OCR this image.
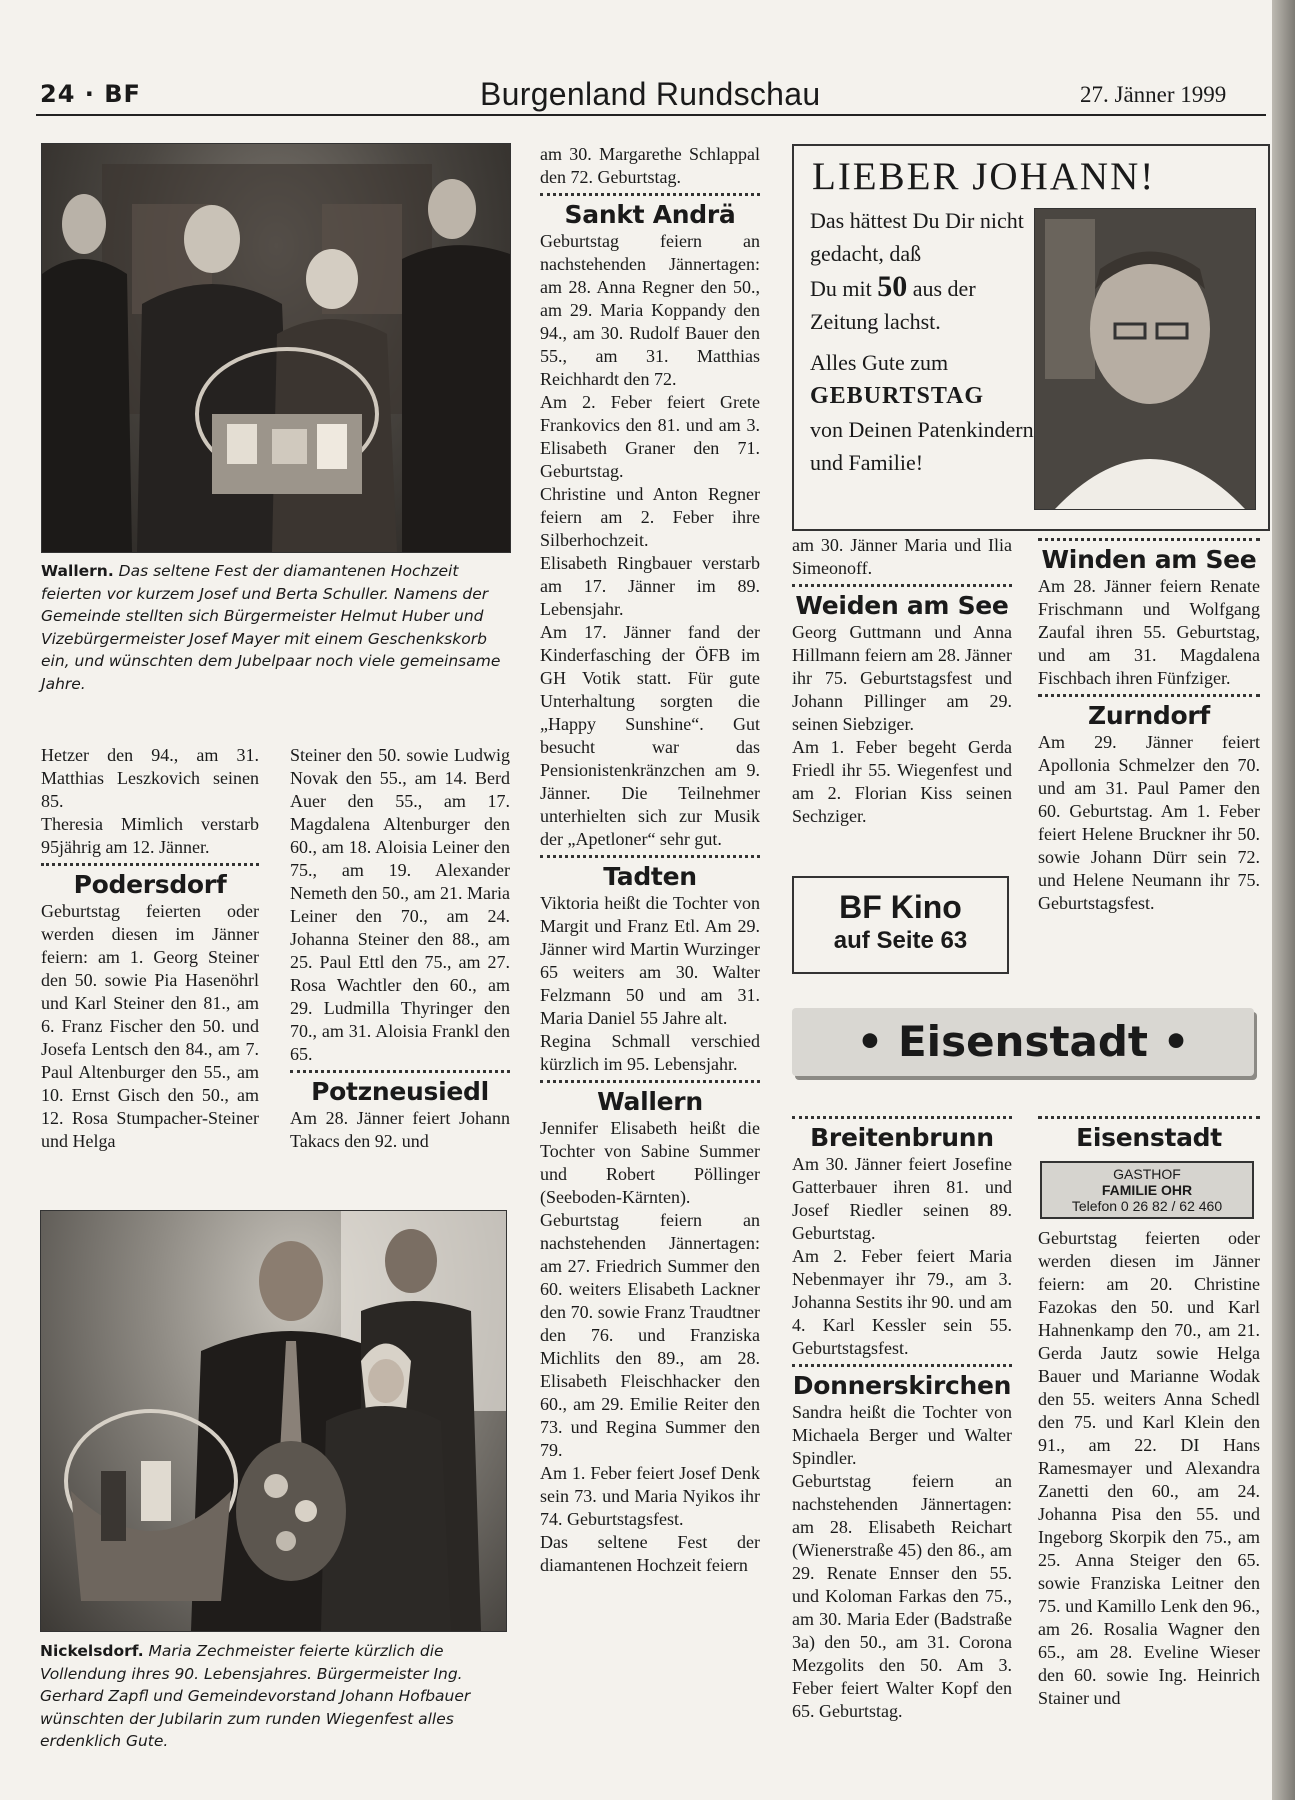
24 · BF	Burgenland Rundschau	27. Jänner 1999
Wallern. Das seltene Fest der diamantenen Hochzeit feierten vor kurzem Josef und Berta Schuller. Namens der Gemeinde stellten sich Bürgermeister Helmut Huber und Vizebürgermeister Josef Mayer mit einem Geschenkskorb ein, und wünschten dem Jubelpaar noch viele gemeinsame Jahre.

Hetzer den 94., am 31. Matthias Leszkovich seinen 85.

Theresia Mimlich verstarb 95jährig am 12. Jänner.

Podersdorf

Geburtstag feierten oder werden diesen im Jänner feiern: am 1. Georg Steiner den 50. sowie Pia Hasenöhrl und Karl Steiner den 81., am 6. Franz Fischer den 50. und Josefa Lentsch den 84., am 7. Paul Altenburger den 55., am 10. Ernst Gisch den 50., am 12. Rosa Stumpacher-Steiner und Helga

Steiner den 50. sowie Ludwig Novak den 55., am 14. Berd Auer den 55., am 17. Magdalena Altenburger den 60., am 18. Aloisia Leiner den 75., am 19. Alexander Nemeth den 50., am 21. Maria Leiner den 70., am 24. Johanna Steiner den 88., am 25. Paul Ettl den 75., am 27. Rosa Wachtler den 60., am 29. Ludmilla Thyringer den 70., am 31. Aloisia Frankl den 65.

Potzneusiedl

Am 28. Jänner feiert Johann Takacs den 92. und

Nickelsdorf. Maria Zechmeister feierte kürzlich die Vollendung ihres 90. Lebensjahres. Bürgermeister Ing. Gerhard Zapfl und Gemeindevorstand Johann Hofbauer wünschten der Jubilarin zum runden Wiegenfest alles erdenklich Gute.

am 30. Margarethe Schlappal den 72. Geburtstag.

Sankt Andrä

Geburtstag feiern an nachstehenden Jännertagen: am 28. Anna Regner den 50., am 29. Maria Koppandy den 94., am 30. Rudolf Bauer den 55., am 31. Matthias Reichhardt den 72.

Am 2. Feber feiert Grete Frankovics den 81. und am 3. Elisabeth Graner den 71. Geburtstag.

Christine und Anton Regner feiern am 2. Feber ihre Silberhochzeit.

Elisabeth Ringbauer verstarb am 17. Jänner im 89. Lebensjahr.

Am 17. Jänner fand der Kinderfasching der ÖFB im GH Votik statt. Für gute Unterhaltung sorgten die „Happy Sunshine“. Gut besucht war das Pensionistenkränzchen am 9. Jänner. Die Teilnehmer unterhielten sich zur Musik der „Apetloner“ sehr gut.

Tadten

Viktoria heißt die Tochter von Margit und Franz Etl. Am 29. Jänner wird Martin Wurzinger 65 weiters am 30. Walter Felzmann 50 und am 31. Maria Daniel 55 Jahre alt.

Regina Schmall verschied kürzlich im 95. Lebensjahr.

Wallern

Jennifer Elisabeth heißt die Tochter von Sabine Summer und Robert Pöllinger (Seeboden-Kärnten).

Geburtstag feiern an nachstehenden Jännertagen: am 27. Friedrich Summer den 60. weiters Elisabeth Lackner den 70. sowie Franz Traudtner den 76. und Franziska Michlits den 89., am 28. Elisabeth Fleischhacker den 60., am 29. Emilie Reiter den 73. und Regina Summer den 79.

Am 1. Feber feiert Josef Denk sein 73. und Maria Nyikos ihr 74. Geburtstagsfest.

Das seltene Fest der diamantenen Hochzeit feiern

LIEBER JOHANN!
Das hättest Du Dir nicht gedacht, daß
Du mit 50 aus der Zeitung lachst.

Alles Gute zum
GEBURTSTAG
von Deinen Patenkindern und Familie!

am 30. Jänner Maria und Ilia Simeonoff.

Weiden am See

Georg Guttmann und Anna Hillmann feiern am 28. Jänner ihr 75. Geburtstagsfest und Johann Pillinger am 29. seinen Siebziger.

Am 1. Feber begeht Gerda Friedl ihr 55. Wiegenfest und am 2. Florian Kiss seinen Sechziger.

BF Kino
auf Seite 63
Winden am See

Am 28. Jänner feiern Renate Frischmann und Wolfgang Zaufal ihren 55. Geburtstag, und am 31. Magdalena Fischbach ihren Fünfziger.

Zurndorf

Am 29. Jänner feiert Apollonia Schmelzer den 70. und am 31. Paul Pamer den 60. Geburtstag. Am 1. Feber feiert Helene Bruckner ihr 50. sowie Johann Dürr sein 72. und Helene Neumann ihr 75. Geburtstagsfest.

• Eisenstadt •
Breitenbrunn

Am 30. Jänner feiert Josefine Gatterbauer ihren 81. und Josef Riedler seinen 89. Geburtstag.

Am 2. Feber feiert Maria Nebenmayer ihr 79., am 3. Johanna Sestits ihr 90. und am 4. Karl Kessler sein 55. Geburtstagsfest.

Donnerskirchen

Sandra heißt die Tochter von Michaela Berger und Walter Spindler.

Geburtstag feiern an nachstehenden Jännertagen: am 28. Elisabeth Reichart (Wienerstraße 45) den 86., am 29. Renate Ennser den 55. und Koloman Farkas den 75., am 30. Maria Eder (Badstraße 3a) den 50., am 31. Corona Mezgolits den 50. Am 3. Feber feiert Walter Kopf den 65. Geburtstag.

Eisenstadt
GASTHOF
FAMILIE OHR
Telefon 0 26 82 / 62 460

Geburtstag feierten oder werden diesen im Jänner feiern: am 20. Christine Fazokas den 50. und Karl Hahnenkamp den 70., am 21. Gerda Jautz sowie Helga Bauer und Marianne Wodak den 55. weiters Anna Schedl den 75. und Karl Klein den 91., am 22. DI Hans Ramesmayer und Alexandra Zanetti den 60., am 24. Johanna Pisa den 55. und Ingeborg Skorpik den 75., am 25. Anna Steiger den 65. sowie Franziska Leitner den 75. und Kamillo Lenk den 96., am 26. Rosalia Wagner den 65., am 28. Eveline Wieser den 60. sowie Ing. Heinrich Stainer und
